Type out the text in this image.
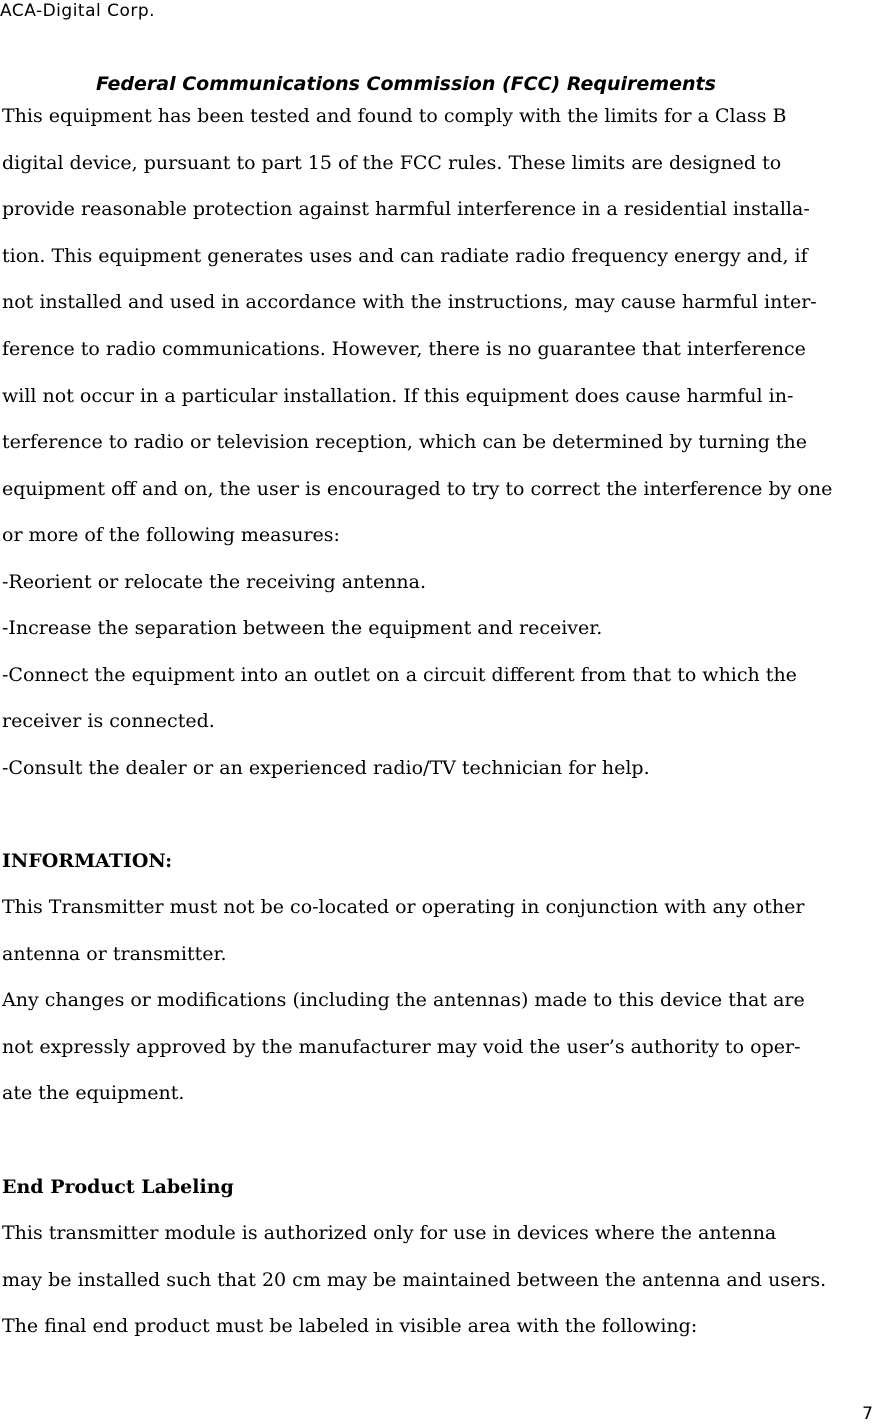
ACA-Digital Corp.
Federal Communications Commission (FCC) Requirements
This equipment has been tested and found to comply with the limits for a Class B
digital device, pursuant to part 15 of the FCC rules. These limits are designed to
provide reasonable protection against harmful interference in a residential installa-
tion. This equipment generates uses and can radiate radio frequency energy and, if
not installed and used in accordance with the instructions, may cause harmful inter-
ference to radio communications. However, there is no guarantee that interference
will not occur in a particular installation. If this equipment does cause harmful in-
terference to radio or television reception, which can be determined by turning the
equipment off and on, the user is encouraged to try to correct the interference by one
or more of the following measures:
-Reorient or relocate the receiving antenna.
-Increase the separation between the equipment and receiver.
-Connect the equipment into an outlet on a circuit different from that to which the
receiver is connected.
-Consult the dealer or an experienced radio/TV technician for help.
INFORMATION:
This Transmitter must not be co-located or operating in conjunction with any other
antenna or transmitter.
Any changes or modifications (including the antennas) made to this device that are
not expressly approved by the manufacturer may void the user’s authority to oper-
ate the equipment.
End Product Labeling
This transmitter module is authorized only for use in devices where the antenna
may be installed such that 20 cm may be maintained between the antenna and users.
The final end product must be labeled in visible area with the following:
7
